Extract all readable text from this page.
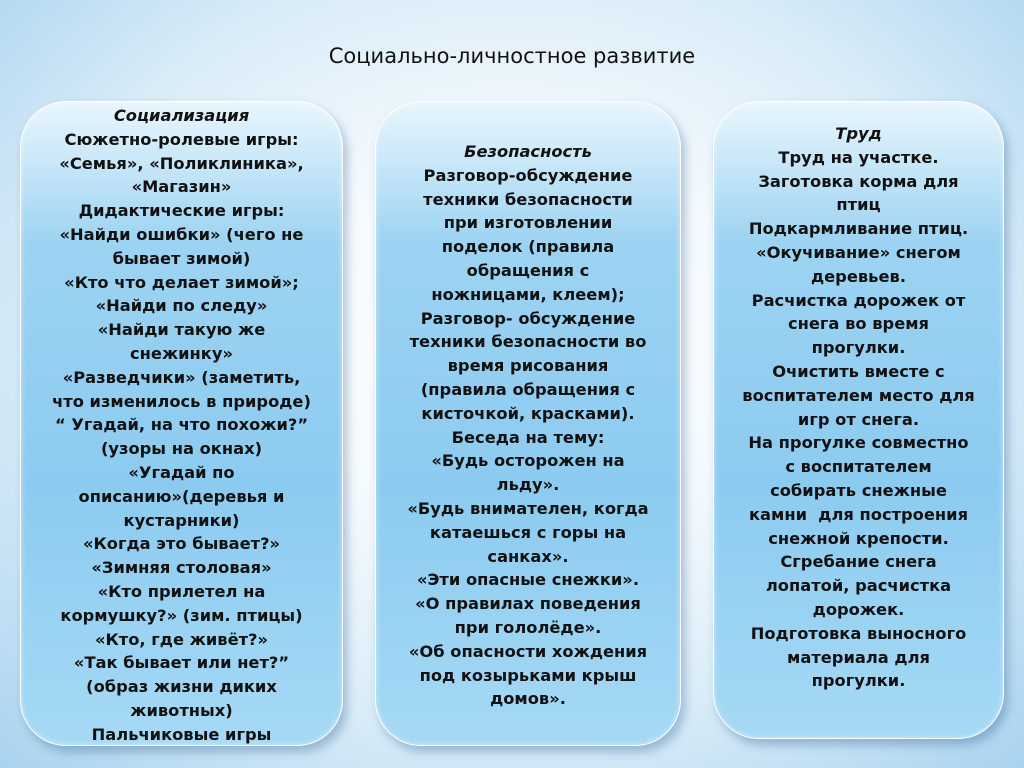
Социально-личностное развитие
Социализация
Сюжетно-ролевые игры:
«Семья», «Поликлиника»,
«Магазин»
Дидактические игры:
«Найди ошибки» (чего не
бывает зимой)
«Кто что делает зимой»;
«Найди по следу»
«Найди такую же
снежинку»
«Разведчики» (заметить,
что изменилось в природе)
“ Угадай, на что похожи?”
(узоры на окнах)
«Угадай по
описанию»(деревья и
кустарники)
«Когда это бывает?»
«Зимняя столовая»
«Кто прилетел на
кормушку?» (зим. птицы)
«Кто, где живёт?»
«Так бывает или нет?”
(образ жизни диких
животных)
Пальчиковые игры
Безопасность
Разговор-обсуждение
техники безопасности
при изготовлении
поделок (правила
обращения с
ножницами, клеем);
Разговор- обсуждение
техники безопасности во
время рисования
(правила обращения с
кисточкой, красками).
Беседа на тему:
«Будь осторожен на
льду».
«Будь внимателен, когда
катаешься с горы на
санках».
«Эти опасные снежки».
«О правилах поведения
при гололёде».
«Об опасности хождения
под козырьками крыш
домов».
Труд
Труд на участке.
Заготовка корма для
птиц
Подкармливание птиц.
«Окучивание» снегом
деревьев.
Расчистка дорожек от
снега во время
прогулки.
Очистить вместе с
воспитателем место для
игр от снега.
На прогулке совместно
с воспитателем
собирать снежные
камни  для построения
снежной крепости.
Сгребание снега
лопатой, расчистка
дорожек.
Подготовка выносного
материала для
прогулки.
